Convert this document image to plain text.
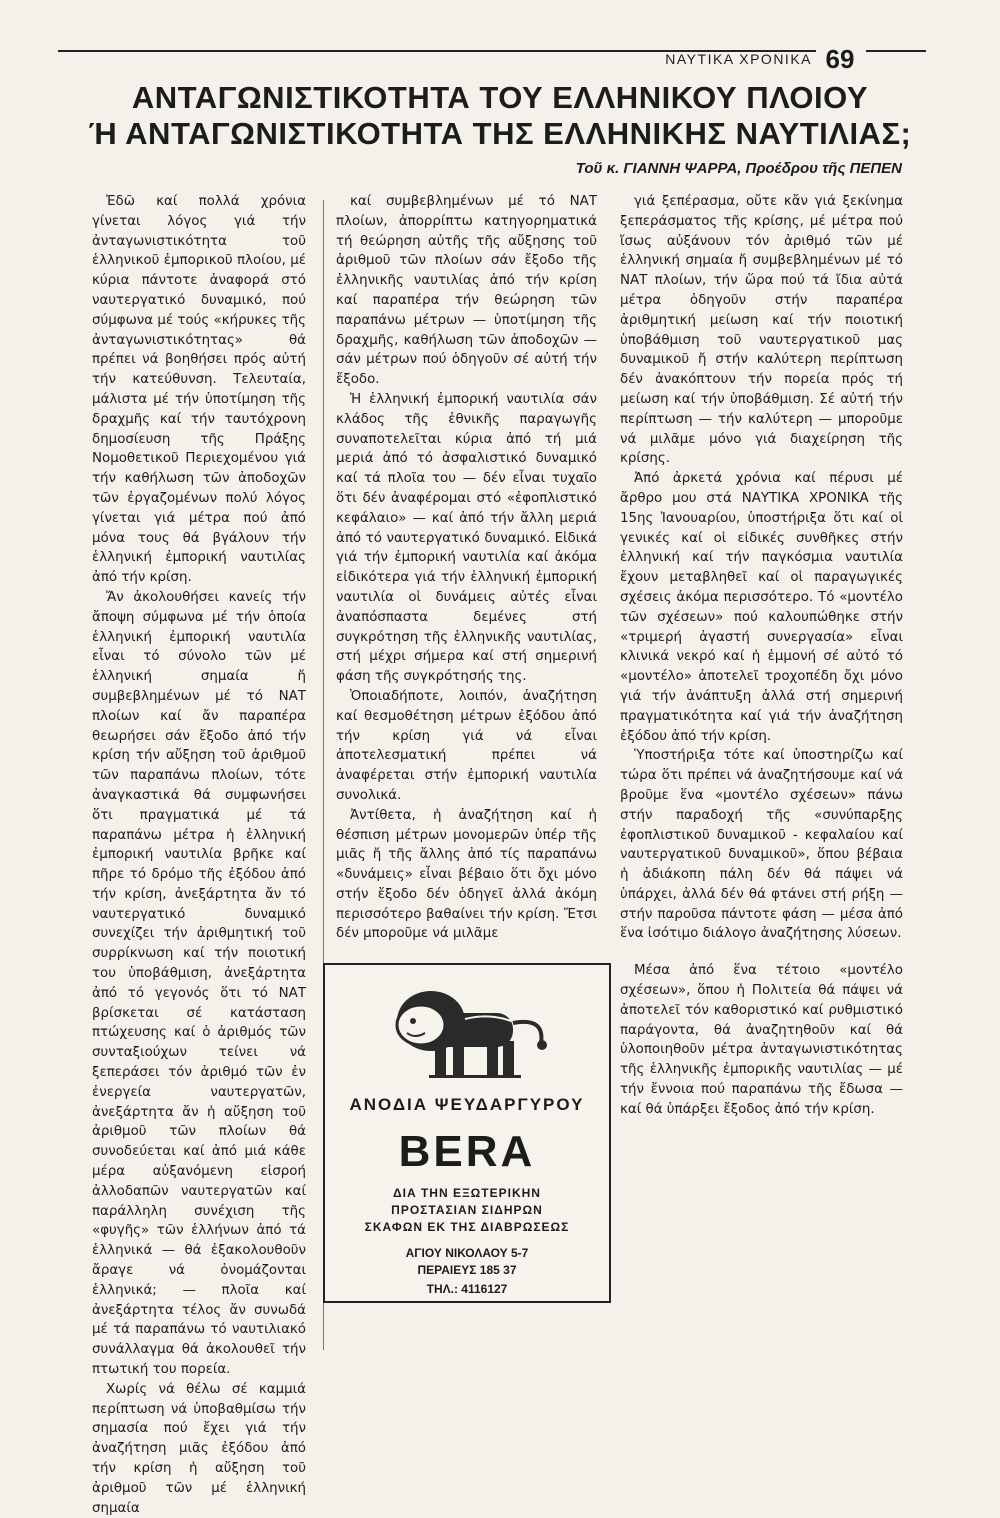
ΝΑΥΤΙΚΑ ΧΡΟΝΙΚΑ 69
ΑΝΤΑΓΩΝΙΣΤΙΚΟΤΗΤΑ ΤΟΥ ΕΛΛΗΝΙΚΟΥ ΠΛΟΙΟΥ
Ή ΑΝΤΑΓΩΝΙΣΤΙΚΟΤΗΤΑ ΤΗΣ ΕΛΛΗΝΙΚΗΣ ΝΑΥΤΙΛΙΑΣ;
Τοῦ κ. ΓΙΑΝΝΗ ΨΑΡΡΑ, Προέδρου τῆς ΠΕΠΕΝ

Ἐδῶ καί πολλά χρόνια γίνεται λόγος γιά τήν ἀνταγωνιστικότητα τοῦ ἑλληνικοῦ ἐμπορικοῦ πλοίου, μέ κύρια πάντοτε ἀναφορά στό ναυτεργατικό δυναμικό, πού σύμφωνα μέ τούς «κήρυκες τῆς ἀνταγωνιστικότητας» θά πρέπει νά βοηθήσει πρός αὐτή τήν κατεύθυνση. Τελευταία, μάλιστα μέ τήν ὑποτίμηση τῆς δραχμῆς καί τήν ταυτόχρονη δημοσίευση τῆς Πράξης Νομοθετικοῦ Περιεχομένου γιά τήν καθήλωση τῶν ἀποδοχῶν τῶν ἐργαζομένων πολύ λόγος γίνεται γιά μέτρα πού ἀπό μόνα τους θά βγάλουν τήν ἑλληνική ἐμπορική ναυτιλίας ἀπό τήν κρίση.

Ἄν ἀκολουθήσει κανείς τήν ἄποψη σύμφωνα μέ τήν ὁποία ἑλληνική ἐμπορική ναυτιλία εἶναι τό σύνολο τῶν μέ ἑλληνική σημαία ἤ συμβεβλημένων μέ τό ΝΑΤ πλοίων καί ἄν παραπέρα θεωρήσει σάν ἔξοδο ἀπό τήν κρίση τήν αὔξηση τοῦ ἀριθμοῦ τῶν παραπάνω πλοίων, τότε ἀναγκαστικά θά συμφωνήσει ὅτι πραγματικά μέ τά παραπάνω μέτρα ἡ ἑλληνική ἐμπορική ναυτιλία βρῆκε καί πῆρε τό δρόμο τῆς ἐξόδου ἀπό τήν κρίση, ἀνεξάρτητα ἄν τό ναυτεργατικό δυναμικό συνεχίζει τήν ἀριθμητική τοῦ συρρίκνωση καί τήν ποιοτική του ὑποβάθμιση, ἀνεξάρτητα ἀπό τό γεγονός ὅτι τό ΝΑΤ βρίσκεται σέ κατάσταση πτώχευσης καί ὁ ἀριθμός τῶν συνταξιούχων τείνει νά ξεπεράσει τόν ἀριθμό τῶν ἐν ἐνεργεία ναυτεργατῶν, ἀνεξάρτητα ἄν ἡ αὔξηση τοῦ ἀριθμοῦ τῶν πλοίων θά συνοδεύεται καί ἀπό μιά κάθε μέρα αὐξανόμενη εἰσροή ἀλλοδαπῶν ναυτεργατῶν καί παράλληλη συνέχιση τῆς «φυγῆς» τῶν ἑλλήνων ἀπό τά ἑλληνικά — θά ἐξακολουθοῦν ἄραγε νά ὀνομάζονται ἑλληνικά; — πλοῖα καί ἀνεξάρτητα τέλος ἄν συνωδά μέ τά παραπάνω τό ναυτιλιακό συνάλλαγμα θά ἀκολουθεῖ τήν πτωτική του πορεία.

Χωρίς νά θέλω σέ καμμιά περίπτωση νά ὑποβαθμίσω τήν σημασία πού ἔχει γιά τήν ἀναζήτηση μιᾶς ἐξόδου ἀπό τήν κρίση ἡ αὔξηση τοῦ ἀριθμοῦ τῶν μέ ἑλληνική σημαία

καί συμβεβλημένων μέ τό ΝΑΤ πλοίων, ἀπορρίπτω κατηγορηματικά τή θεώρηση αὐτῆς τῆς αὔξησης τοῦ ἀριθμοῦ τῶν πλοίων σάν ἔξοδο τῆς ἑλληνικῆς ναυτιλίας ἀπό τήν κρίση καί παραπέρα τήν θεώρηση τῶν παραπάνω μέτρων — ὑποτίμηση τῆς δραχμῆς, καθήλωση τῶν ἀποδοχῶν — σάν μέτρων πού ὁδηγοῦν σέ αὐτή τήν ἔξοδο.

Ἡ ἑλληνική ἐμπορική ναυτιλία σάν κλάδος τῆς ἐθνικῆς παραγωγῆς συναποτελεῖται κύρια ἀπό τή μιά μεριά ἀπό τό ἀσφαλιστικό δυναμικό καί τά πλοῖα του — δέν εἶναι τυχαῖο ὅτι δέν ἀναφέρομαι στό «ἐφοπλιστικό κεφάλαιο» — καί ἀπό τήν ἄλλη μεριά ἀπό τό ναυτεργατικό δυναμικό. Εἰδικά γιά τήν ἐμπορική ναυτιλία καί ἀκόμα εἰδικότερα γιά τήν ἑλληνική ἐμπορική ναυτιλία οἱ δυνάμεις αὐτές εἶναι ἀναπόσπαστα δεμένες στή συγκρότηση τῆς ἑλληνικῆς ναυτιλίας, στή μέχρι σήμερα καί στή σημερινή φάση τῆς συγκρότησής της.

Ὁποιαδήποτε, λοιπόν, ἀναζήτηση καί θεσμοθέτηση μέτρων ἐξόδου ἀπό τήν κρίση γιά νά εἶναι ἀποτελεσματική πρέπει νά ἀναφέρεται στήν ἐμπορική ναυτιλία συνολικά.

Ἀντίθετα, ἡ ἀναζήτηση καί ἡ θέσπιση μέτρων μονομερῶν ὑπέρ τῆς μιᾶς ἤ τῆς ἄλλης ἀπό τίς παραπάνω «δυνάμεις» εἶναι βέβαιο ὅτι ὄχι μόνο στήν ἔξοδο δέν ὁδηγεῖ ἀλλά ἀκόμη περισσότερο βαθαίνει τήν κρίση. Ἔτσι δέν μποροῦμε νά μιλᾶμε

γιά ξεπέρασμα, οὔτε κἄν γιά ξεκίνημα ξεπεράσματος τῆς κρίσης, μέ μέτρα πού ἴσως αὐξάνουν τόν ἀριθμό τῶν μέ ἑλληνική σημαία ἤ συμβεβλημένων μέ τό ΝΑΤ πλοίων, τήν ὥρα πού τά ἴδια αὐτά μέτρα ὁδηγοῦν στήν παραπέρα ἀριθμητική μείωση καί τήν ποιοτική ὑποβάθμιση τοῦ ναυτεργατικοῦ μας δυναμικοῦ ἤ στήν καλύτερη περίπτωση δέν ἀνακόπτουν τήν πορεία πρός τή μείωση καί τήν ὑποβάθμιση. Σέ αὐτή τήν περίπτωση — τήν καλύτερη — μποροῦμε νά μιλᾶμε μόνο γιά διαχείρηση τῆς κρίσης.

Ἀπό ἀρκετά χρόνια καί πέρυσι μέ ἄρθρο μου στά ΝΑΥΤΙΚΑ ΧΡΟΝΙΚΑ τῆς 15ης Ἰανουαρίου, ὑποστήριξα ὅτι καί οἱ γενικές καί οἱ εἰδικές συνθῆκες στήν ἑλληνική καί τήν παγκόσμια ναυτιλία ἔχουν μεταβληθεῖ καί οἱ παραγωγικές σχέσεις ἀκόμα περισσότερο. Τό «μοντέλο τῶν σχέσεων» πού καλουπώθηκε στήν «τριμερή ἀγαστή συνεργασία» εἶναι κλινικά νεκρό καί ἡ ἐμμονή σέ αὐτό τό «μοντέλο» ἀποτελεῖ τροχοπέδη ὄχι μόνο γιά τήν ἀνάπτυξη ἀλλά στή σημερινή πραγματικότητα καί γιά τήν ἀναζήτηση ἐξόδου ἀπό τήν κρίση.

Ὑποστήριξα τότε καί ὑποστηρίζω καί τώρα ὅτι πρέπει νά ἀναζητήσουμε καί νά βροῦμε ἕνα «μοντέλο σχέσεων» πάνω στήν παραδοχή τῆς «συνύπαρξης ἐφοπλιστικοῦ δυναμικοῦ - κεφαλαίου καί ναυτεργατικοῦ δυναμικοῦ», ὅπου βέβαια ἡ ἀδιάκοπη πάλη δέν θά πάψει νά ὑπάρχει, ἀλλά δέν θά φτάνει στή ρήξη — στήν παροῦσα πάντοτε φάση — μέσα ἀπό ἕνα ἰσότιμο διάλογο ἀναζήτησης λύσεων.

Μέσα ἀπό ἕνα τέτοιο «μοντέλο σχέσεων», ὅπου ἡ Πολιτεία θά πάψει νά ἀποτελεῖ τόν καθοριστικό καί ρυθμιστικό παράγοντα, θά ἀναζητηθοῦν καί θά ὑλοποιηθοῦν μέτρα ἀνταγωνιστικότητας τῆς ἑλληνικῆς ἐμπορικῆς ναυτιλίας — μέ τήν ἔννοια πού παραπάνω τῆς ἔδωσα — καί θά ὑπάρξει ἔξοδος ἀπό τήν κρίση.

ΑΝΟΔΙΑ ΨΕΥΔΑΡΓΥΡΟΥ
BERA
ΔΙΑ ΤΗΝ ΕΞΩΤΕΡΙΚΗΝ
ΠΡΟΣΤΑΣΙΑΝ ΣΙΔΗΡΩΝ
ΣΚΑΦΩΝ ΕΚ ΤΗΣ ΔΙΑΒΡΩΣΕΩΣ
ΑΓΙΟΥ ΝΙΚΟΛΑΟΥ 5-7
ΠΕΡΑΙΕΥΣ 185 37
ΤΗΛ.: 4116127
